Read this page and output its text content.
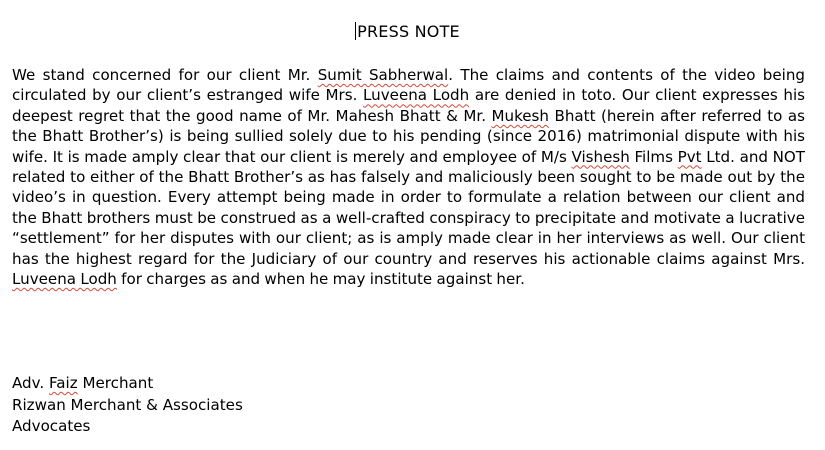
PRESS NOTE

We stand concerned for our client Mr. Sumit Sabherwal. The claims and contents of the video being circulated by our client’s estranged wife Mrs. Luveena Lodh are denied in toto. Our client expresses his deepest regret that the good name of Mr. Mahesh Bhatt & Mr. Mukesh Bhatt (herein after referred to as the Bhatt Brother’s) is being sullied solely due to his pending (since 2016) matrimonial dispute with his wife. It is made amply clear that our client is merely and employee of M/s Vishesh Films Pvt Ltd. and NOT related to either of the Bhatt Brother’s as has falsely and maliciously been sought to be made out by the video’s in question. Every attempt being made in order to formulate a relation between our client and the Bhatt brothers must be construed as a well-crafted conspiracy to precipitate and motivate a lucrative “settlement” for her disputes with our client; as is amply made clear in her interviews as well. Our client has the highest regard for the Judiciary of our country and reserves his actionable claims against Mrs. Luveena Lodh for charges as and when he may institute against her.

Adv. Faiz Merchant
Rizwan Merchant & Associates
Advocates
